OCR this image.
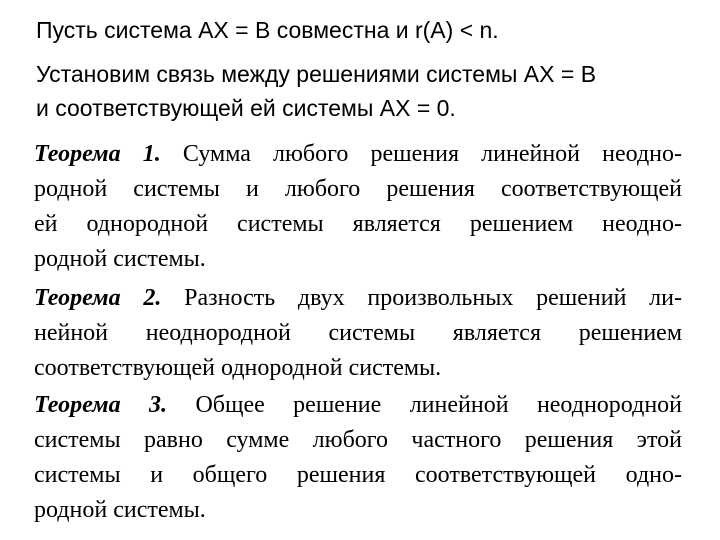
Пусть система AX = B совместна и r(A) < n.
Установим связь между решениями системы AX = B
и соответствующей ей системы AX = 0.
Теорема 1. Сумма любого решения линейной неодно-
родной системы и любого решения соответствующей
ей однородной системы является решением неодно-
родной системы.
Теорема 2. Разность двух произвольных решений ли-
нейной неоднородной системы является решением
соответствующей однородной системы.
Теорема 3. Общее решение линейной неоднородной
системы равно сумме любого частного решения этой
системы и общего решения соответствующей одно-
родной системы.
